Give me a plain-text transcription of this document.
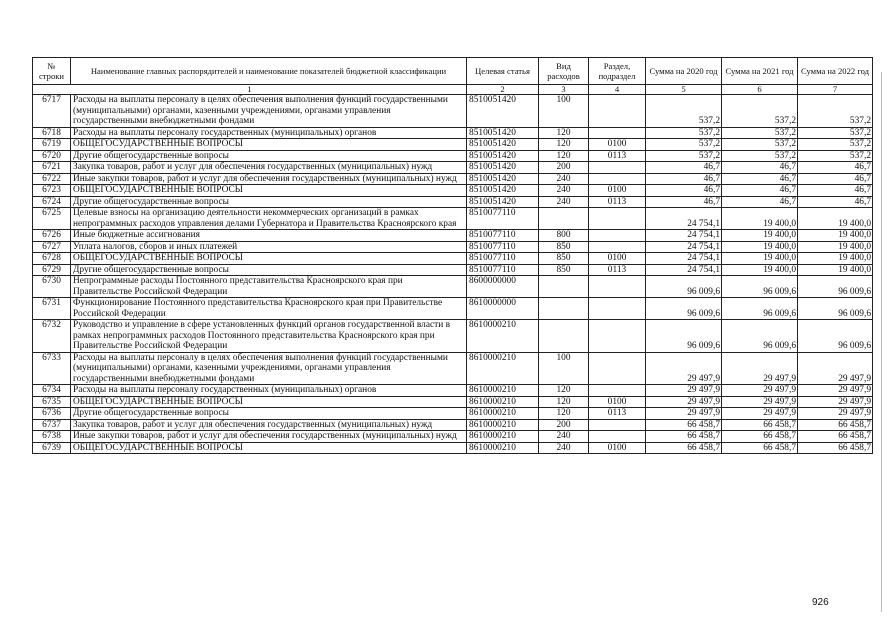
№ строки	Наименование главных распорядителей и наименование показателей бюджетной классификации	Целевая статья	Вид расходов	Раздел, подраздел	Сумма на 2020 год	Сумма на 2021 год	Сумма на 2022 год
1		2	3	4	5	6	7
6717	Расходы на выплаты персоналу в целях обеспечения выполнения функций государственными (муниципальными) органами, казенными учреждениями, органами управления государственными внебюджетными фондами	8510051420	100		537,2	537,2	537,2
6718	Расходы на выплаты персоналу государственных (муниципальных) органов	8510051420	120		537,2	537,2	537,2
6719	ОБЩЕГОСУДАРСТВЕННЫЕ ВОПРОСЫ	8510051420	120	0100	537,2	537,2	537,2
6720	Другие общегосударственные вопросы	8510051420	120	0113	537,2	537,2	537,2
6721	Закупка товаров, работ и услуг для обеспечения государственных (муниципальных) нужд	8510051420	200		46,7	46,7	46,7
6722	Иные закупки товаров, работ и услуг для обеспечения государственных (муниципальных) нужд	8510051420	240		46,7	46,7	46,7
6723	ОБЩЕГОСУДАРСТВЕННЫЕ ВОПРОСЫ	8510051420	240	0100	46,7	46,7	46,7
6724	Другие общегосударственные вопросы	8510051420	240	0113	46,7	46,7	46,7
6725	Целевые взносы на организацию деятельности некоммерческих организаций в рамках непрограммных расходов управления делами Губернатора и Правительства Красноярского края	8510077110			24 754,1	19 400,0	19 400,0
6726	Иные бюджетные ассигнования	8510077110	800		24 754,1	19 400,0	19 400,0
6727	Уплата налогов, сборов и иных платежей	8510077110	850		24 754,1	19 400,0	19 400,0
6728	ОБЩЕГОСУДАРСТВЕННЫЕ ВОПРОСЫ	8510077110	850	0100	24 754,1	19 400,0	19 400,0
6729	Другие общегосударственные вопросы	8510077110	850	0113	24 754,1	19 400,0	19 400,0
6730	Непрограммные расходы Постоянного представительства Красноярского края при Правительстве Российской Федерации	8600000000			96 009,6	96 009,6	96 009,6
6731	Функционирование Постоянного представительства Красноярского края при Правительстве Российской Федерации	8610000000			96 009,6	96 009,6	96 009,6
6732	Руководство и управление в сфере установленных функций органов государственной власти в рамках непрограммных расходов Постоянного представительства Красноярского края при Правительстве Российской Федерации	8610000210			96 009,6	96 009,6	96 009,6
6733	Расходы на выплаты персоналу в целях обеспечения выполнения функций государственными (муниципальными) органами, казенными учреждениями, органами управления государственными внебюджетными фондами	8610000210	100		29 497,9	29 497,9	29 497,9
6734	Расходы на выплаты персоналу государственных (муниципальных) органов	8610000210	120		29 497,9	29 497,9	29 497,9
6735	ОБЩЕГОСУДАРСТВЕННЫЕ ВОПРОСЫ	8610000210	120	0100	29 497,9	29 497,9	29 497,9
6736	Другие общегосударственные вопросы	8610000210	120	0113	29 497,9	29 497,9	29 497,9
6737	Закупка товаров, работ и услуг для обеспечения государственных (муниципальных) нужд	8610000210	200		66 458,7	66 458,7	66 458,7
6738	Иные закупки товаров, работ и услуг для обеспечения государственных (муниципальных) нужд	8610000210	240		66 458,7	66 458,7	66 458,7
6739	ОБЩЕГОСУДАРСТВЕННЫЕ ВОПРОСЫ	8610000210	240	0100	66 458,7	66 458,7	66 458,7
926
